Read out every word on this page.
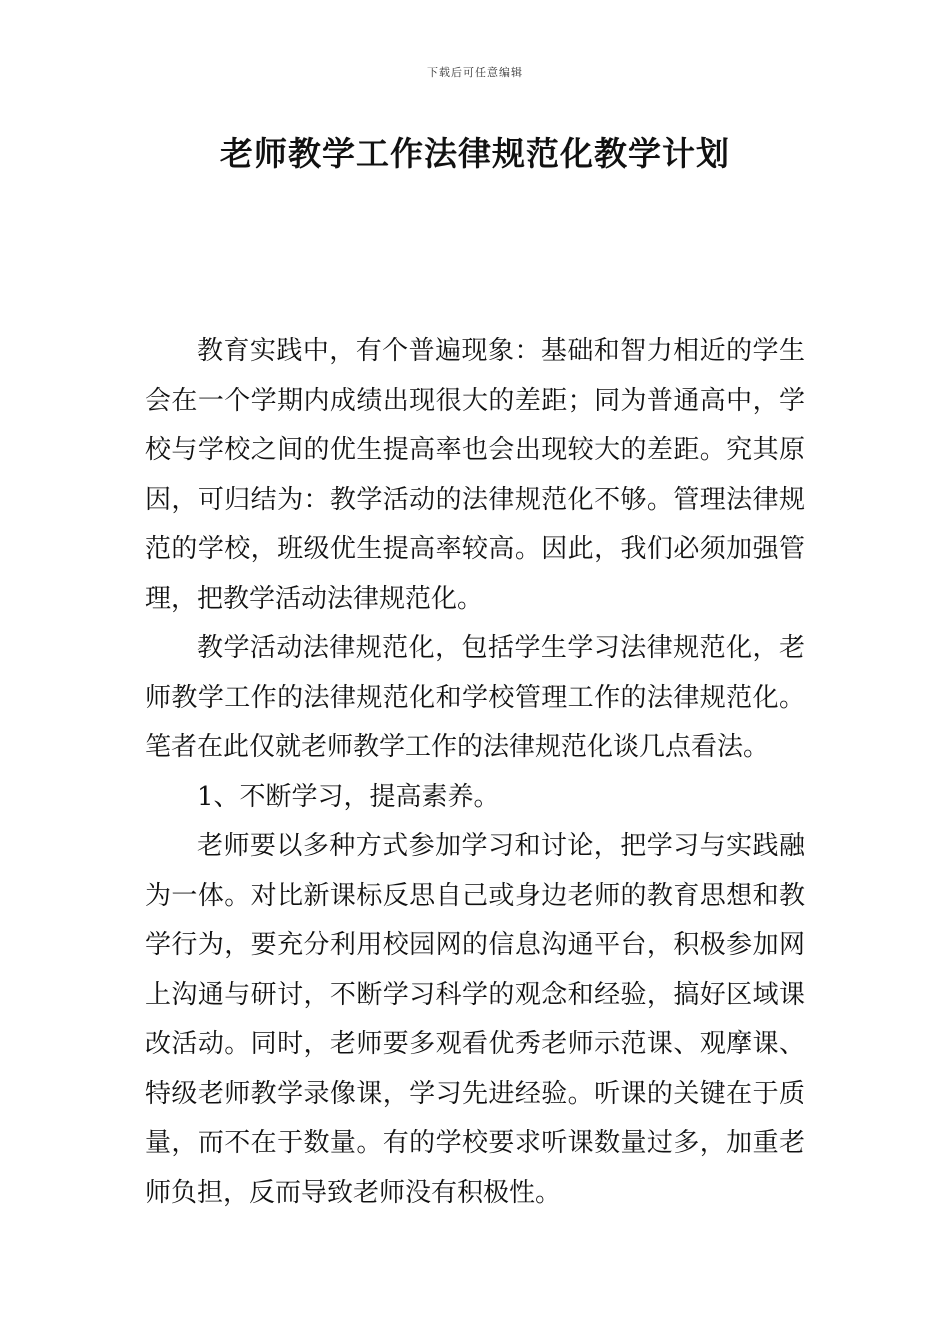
下载后可任意编辑
老师教学工作法律规范化教学计划

教育实践中，有个普遍现象：基础和智力相近的学生会在一个学期内成绩出现很大的差距；同为普通高中，学校与学校之间的优生提高率也会出现较大的差距。究其原因，可归结为：教学活动的法律规范化不够。管理法律规范的学校，班级优生提高率较高。因此，我们必须加强管理，把教学活动法律规范化。

教学活动法律规范化，包括学生学习法律规范化，老师教学工作的法律规范化和学校管理工作的法律规范化。笔者在此仅就老师教学工作的法律规范化谈几点看法。

1、不断学习，提高素养。

老师要以多种方式参加学习和讨论，把学习与实践融为一体。对比新课标反思自己或身边老师的教育思想和教学行为，要充分利用校园网的信息沟通平台，积极参加网上沟通与研讨，不断学习科学的观念和经验，搞好区域课改活动。同时，老师要多观看优秀老师示范课、观摩课、特级老师教学录像课，学习先进经验。听课的关键在于质量，而不在于数量。有的学校要求听课数量过多，加重老师负担，反而导致老师没有积极性。
